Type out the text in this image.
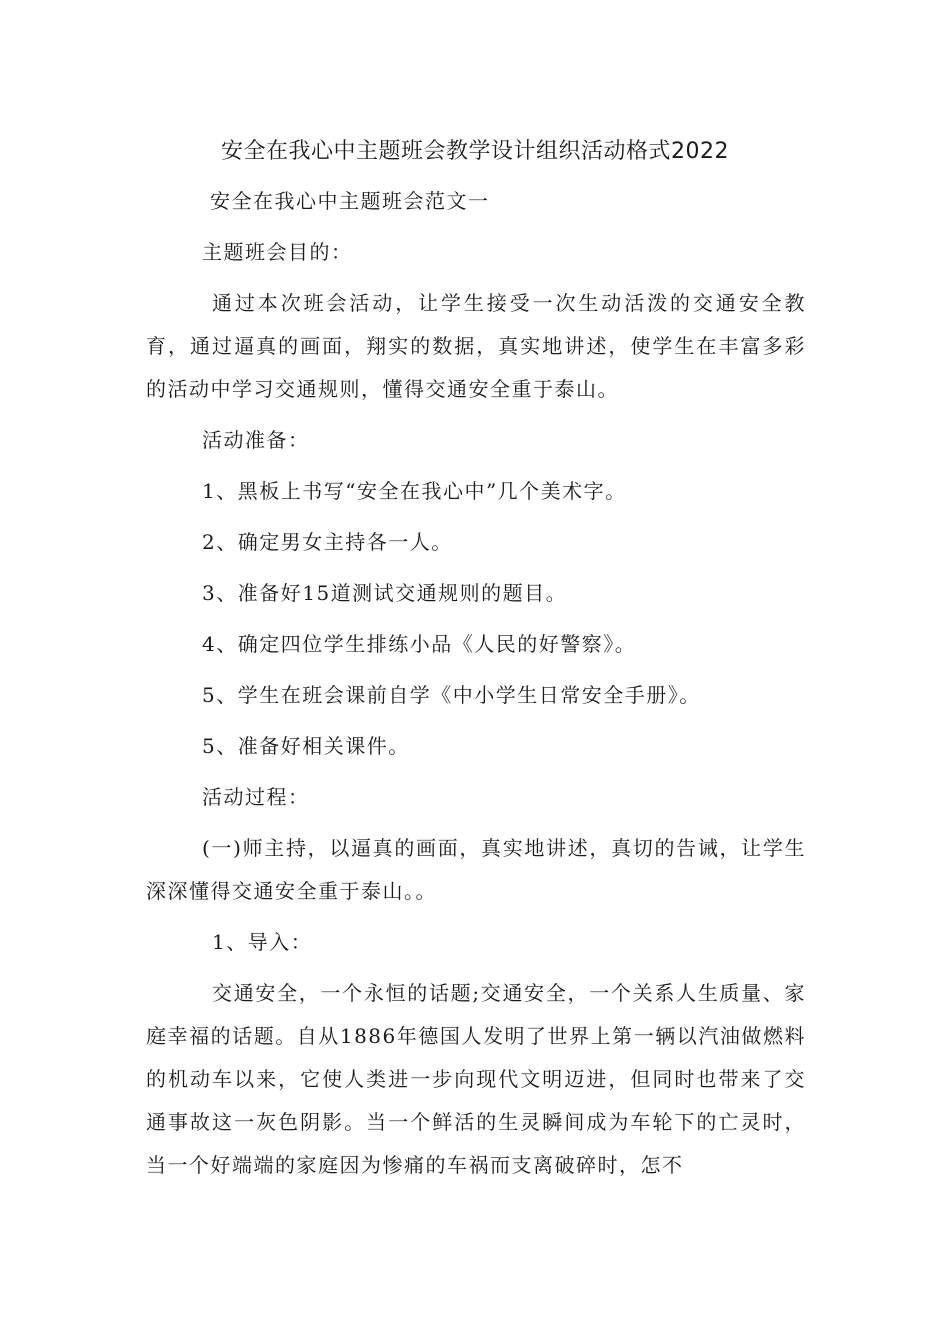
安全在我心中主题班会教学设计组织活动格式2022

安全在我心中主题班会范文一

主题班会目的：

通过本次班会活动，让学生接受一次生动活泼的交通安全教育，通过逼真的画面，翔实的数据，真实地讲述，使学生在丰富多彩的活动中学习交通规则，懂得交通安全重于泰山。

活动准备：

1、黑板上书写“安全在我心中”几个美术字。

2、确定男女主持各一人。

3、准备好15道测试交通规则的题目。

4、确定四位学生排练小品《人民的好警察》。

5、学生在班会课前自学《中小学生日常安全手册》。

5、准备好相关课件。

活动过程：

(一)师主持，以逼真的画面，真实地讲述，真切的告诫，让学生深深懂得交通安全重于泰山。。

1、导入：

交通安全，一个永恒的话题;交通安全，一个关系人生质量、家庭幸福的话题。自从1886年德国人发明了世界上第一辆以汽油做燃料的机动车以来，它使人类进一步向现代文明迈进，但同时也带来了交通事故这一灰色阴影。当一个鲜活的生灵瞬间成为车轮下的亡灵时，当一个好端端的家庭因为惨痛的车祸而支离破碎时，怎不
